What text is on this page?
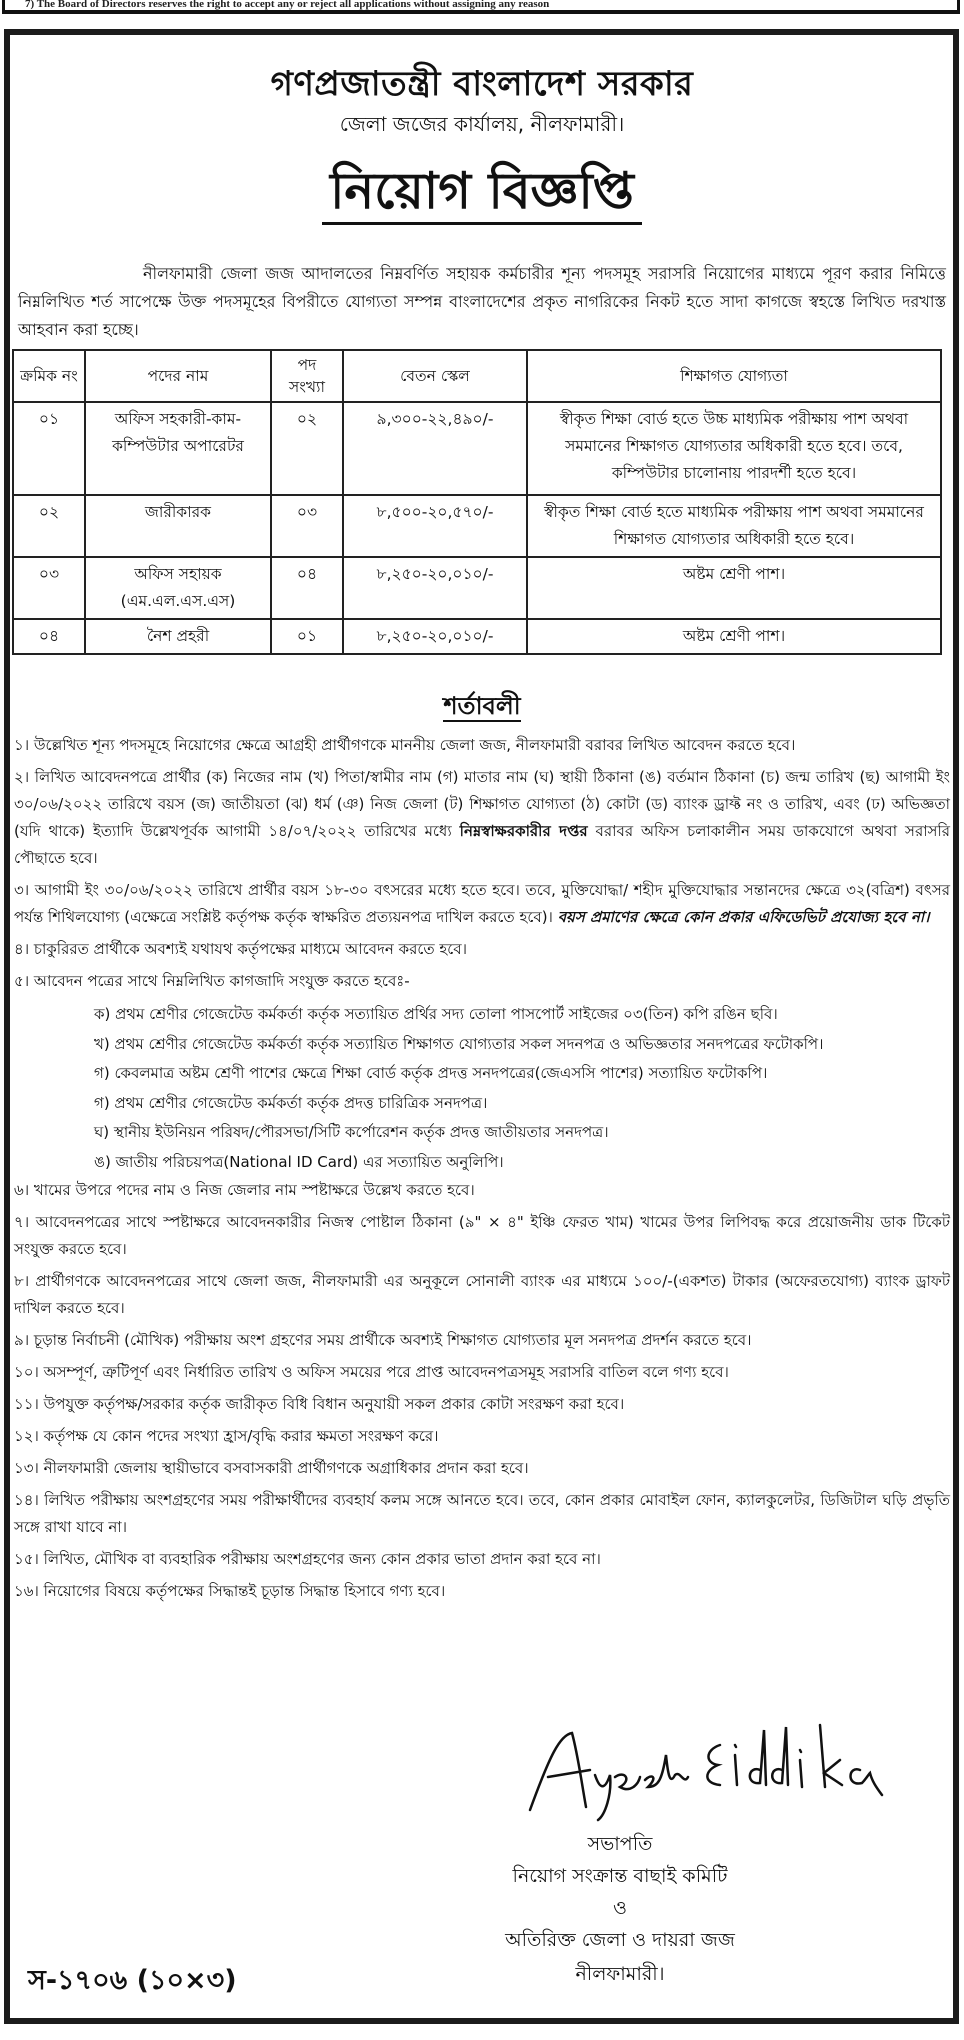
7) The Board of Directors reserves the right to accept any or reject all applications without assigning any reason
গণপ্রজাতন্ত্রী বাংলাদেশ সরকার
জেলা জজের কার্যালয়, নীলফামারী।
নিয়োগ বিজ্ঞপ্তি
নীলফামারী জেলা জজ আদালতের নিম্নবর্ণিত সহায়ক কর্মচারীর শূন্য পদসমূহ সরাসরি নিয়োগের মাধ্যমে পূরণ করার নিমিত্তে নিম্নলিখিত শর্ত সাপেক্ষে উক্ত পদসমূহের বিপরীতে যোগ্যতা সম্পন্ন বাংলাদেশের প্রকৃত নাগরিকের নিকট হতে সাদা কাগজে স্বহস্তে লিখিত দরখাস্ত আহবান করা হচ্ছে।
ক্রমিক নং	পদের নাম	পদ সংখ্যা	বেতন স্কেল	শিক্ষাগত যোগ্যতা
০১	অফিস সহকারী-কাম-কম্পিউটার অপারেটর	০২	৯,৩০০-২২,৪৯০/-	স্বীকৃত শিক্ষা বোর্ড হতে উচ্চ মাধ্যমিক পরীক্ষায় পাশ অথবা সমমানের শিক্ষাগত যোগ্যতার অধিকারী হতে হবে। তবে, কম্পিউটার চালোনায় পারদর্শী হতে হবে।
০২	জারীকারক	০৩	৮,৫০০-২০,৫৭০/-	স্বীকৃত শিক্ষা বোর্ড হতে মাধ্যমিক পরীক্ষায় পাশ অথবা সমমানের শিক্ষাগত যোগ্যতার অধিকারী হতে হবে।
০৩	অফিস সহায়ক (এম.এল.এস.এস)	০৪	৮,২৫০-২০,০১০/-	অষ্টম শ্রেণী পাশ।
০৪	নৈশ প্রহরী	০১	৮,২৫০-২০,০১০/-	অষ্টম শ্রেণী পাশ।
শর্তাবলী

১। উল্লেখিত শূন্য পদসমূহে নিয়োগের ক্ষেত্রে আগ্রহী প্রার্থীগণকে মাননীয় জেলা জজ, নীলফামারী বরাবর লিখিত আবেদন করতে হবে।

২। লিখিত আবেদনপত্রে প্রার্থীর (ক) নিজের নাম (খ) পিতা/স্বামীর নাম (গ) মাতার নাম (ঘ) স্থায়ী ঠিকানা (ঙ) বর্তমান ঠিকানা (চ) জন্ম তারিখ (ছ) আগামী ইং ৩০/০৬/২০২২ তারিখে বয়স (জ) জাতীয়তা (ঝ) ধর্ম (ঞ) নিজ জেলা (ট) শিক্ষাগত যোগ্যতা (ঠ) কোটা (ড) ব্যাংক ড্রাফ্ট নং ও তারিখ, এবং (ঢ) অভিজ্ঞতা (যদি থাকে) ইত্যাদি উল্লেখপূর্বক আগামী ১৪/০৭/২০২২ তারিখের মধ্যে নিম্নস্বাক্ষরকারীর দপ্তর বরাবর অফিস চলাকালীন সময় ডাকযোগে অথবা সরাসরি পৌছাতে হবে।

৩। আগামী ইং ৩০/০৬/২০২২ তারিখে প্রার্থীর বয়স ১৮-৩০ বৎসরের মধ্যে হতে হবে। তবে, মুক্তিযোদ্ধা/ শহীদ মুক্তিযোদ্ধার সন্তানদের ক্ষেত্রে ৩২(বত্রিশ) বৎসর পর্যন্ত শিথিলযোগ্য (এক্ষেত্রে সংশ্লিষ্ট কর্তৃপক্ষ কর্তৃক স্বাক্ষরিত প্রত্যয়নপত্র দাখিল করতে হবে)। বয়স প্রমাণের ক্ষেত্রে কোন প্রকার এফিডেভিট প্রযোজ্য হবে না।

৪। চাকুরিরত প্রার্থীকে অবশ্যই যথাযথ কর্তৃপক্ষের মাধ্যমে আবেদন করতে হবে।

৫। আবেদন পত্রের সাথে নিম্নলিখিত কাগজাদি সংযুক্ত করতে হবেঃ-

ক) প্রথম শ্রেণীর গেজেটেড কর্মকর্তা কর্তৃক সত্যায়িত প্রর্থির সদ্য তোলা পাসপোর্ট সাইজের ০৩(তিন) কপি রঙিন ছবি।
খ) প্রথম শ্রেণীর গেজেটেড কর্মকর্তা কর্তৃক সত্যায়িত শিক্ষাগত যোগ্যতার সকল সদনপত্র ও অভিজ্ঞতার সনদপত্রের ফটোকপি।
গ) কেবলমাত্র অষ্টম শ্রেণী পাশের ক্ষেত্রে শিক্ষা বোর্ড কর্তৃক প্রদত্ত সনদপত্রের(জেএসসি পাশের) সত্যায়িত ফটোকপি।
গ) প্রথম শ্রেণীর গেজেটেড কর্মকর্তা কর্তৃক প্রদত্ত চারিত্রিক সনদপত্র।
ঘ) স্থানীয় ইউনিয়ন পরিষদ/পৌরসভা/সিটি কর্পোরেশন কর্তৃক প্রদত্ত জাতীয়তার সনদপত্র।
ঙ) জাতীয় পরিচয়পত্র(National ID Card) এর সত্যায়িত অনুলিপি।

৬। খামের উপরে পদের নাম ও নিজ জেলার নাম স্পষ্টাক্ষরে উল্লেখ করতে হবে।

৭। আবেদনপত্রের সাথে স্পষ্টাক্ষরে আবেদনকারীর নিজস্ব পোষ্টাল ঠিকানা (৯" × ৪" ইঞ্চি ফেরত খাম) খামের উপর লিপিবদ্ধ করে প্রয়োজনীয় ডাক টিকেট সংযুক্ত করতে হবে।

৮। প্রার্থীগণকে আবেদনপত্রের সাথে জেলা জজ, নীলফামারী এর অনুকূলে সোনালী ব্যাংক এর মাধ্যমে ১০০/-(একশত) টাকার (অফেরতযোগ্য) ব্যাংক ড্রাফট দাখিল করতে হবে।

৯। চূড়ান্ত নির্বাচনী (মৌখিক) পরীক্ষায় অংশ গ্রহণের সময় প্রার্থীকে অবশ্যই শিক্ষাগত যোগ্যতার মূল সনদপত্র প্রদর্শন করতে হবে।

১০। অসম্পূর্ণ, ত্রুটিপূর্ণ এবং নির্ধারিত তারিখ ও অফিস সময়ের পরে প্রাপ্ত আবেদনপত্রসমূহ সরাসরি বাতিল বলে গণ্য হবে।

১১। উপযুক্ত কর্তৃপক্ষ/সরকার কর্তৃক জারীকৃত বিধি বিধান অনুযায়ী সকল প্রকার কোটা সংরক্ষণ করা হবে।

১২। কর্তৃপক্ষ যে কোন পদের সংখ্যা হ্রাস/বৃদ্ধি করার ক্ষমতা সংরক্ষণ করে।

১৩। নীলফামারী জেলায় স্থায়ীভাবে বসবাসকারী প্রার্থীগণকে অগ্রাধিকার প্রদান করা হবে।

১৪। লিখিত পরীক্ষায় অংশগ্রহণের সময় পরীক্ষার্থীদের ব্যবহার্য কলম সঙ্গে আনতে হবে। তবে, কোন প্রকার মোবাইল ফোন, ক্যালকুলেটর, ডিজিটাল ঘড়ি প্রভৃতি সঙ্গে রাখা যাবে না।

১৫। লিখিত, মৌখিক বা ব্যবহারিক পরীক্ষায় অংশগ্রহণের জন্য কোন প্রকার ভাতা প্রদান করা হবে না।

১৬। নিয়োগের বিষয়ে কর্তৃপক্ষের সিদ্ধান্তই চূড়ান্ত সিদ্ধান্ত হিসাবে গণ্য হবে।

সভাপতি
নিয়োগ সংক্রান্ত বাছাই কমিটি
ও
অতিরিক্ত জেলা ও দায়রা জজ
নীলফামারী।
স-১৭০৬ (১০×৩)
